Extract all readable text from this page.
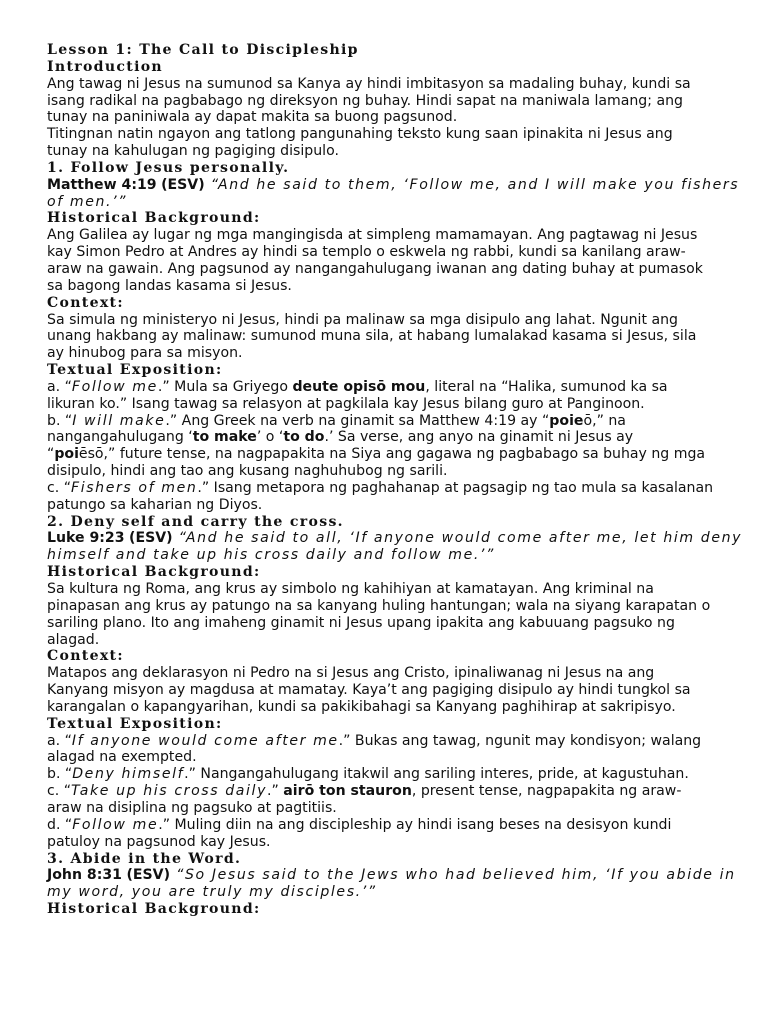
Lesson 1: The Call to Discipleship
Introduction
Ang tawag ni Jesus na sumunod sa Kanya ay hindi imbitasyon sa madaling buhay, kundi sa
isang radikal na pagbabago ng direksyon ng buhay. Hindi sapat na maniwala lamang; ang
tunay na paniniwala ay dapat makita sa buong pagsunod.
Titingnan natin ngayon ang tatlong pangunahing teksto kung saan ipinakita ni Jesus ang
tunay na kahulugan ng pagiging disipulo.
1. Follow Jesus personally.
Matthew 4:19 (ESV) “And he said to them, ‘Follow me, and I will make you fishers
of men.’”
Historical Background:
Ang Galilea ay lugar ng mga mangingisda at simpleng mamamayan. Ang pagtawag ni Jesus
kay Simon Pedro at Andres ay hindi sa templo o eskwela ng rabbi, kundi sa kanilang araw-
araw na gawain. Ang pagsunod ay nangangahulugang iwanan ang dating buhay at pumasok
sa bagong landas kasama si Jesus.
Context:
Sa simula ng ministeryo ni Jesus, hindi pa malinaw sa mga disipulo ang lahat. Ngunit ang
unang hakbang ay malinaw: sumunod muna sila, at habang lumalakad kasama si Jesus, sila
ay hinubog para sa misyon.
Textual Exposition:
a. “Follow me.” Mula sa Griyego deute opisō mou, literal na “Halika, sumunod ka sa
likuran ko.” Isang tawag sa relasyon at pagkilala kay Jesus bilang guro at Panginoon.
b. “I will make.” Ang Greek na verb na ginamit sa Matthew 4:19 ay “poieō,” na
nangangahulugang ‘to make’ o ‘to do.’ Sa verse, ang anyo na ginamit ni Jesus ay
“poiēsō,” future tense, na nagpapakita na Siya ang gagawa ng pagbabago sa buhay ng mga
disipulo, hindi ang tao ang kusang naghuhubog ng sarili.
c. “Fishers of men.” Isang metapora ng paghahanap at pagsagip ng tao mula sa kasalanan
patungo sa kaharian ng Diyos.
2. Deny self and carry the cross.
Luke 9:23 (ESV) “And he said to all, ‘If anyone would come after me, let him deny
himself and take up his cross daily and follow me.’”
Historical Background:
Sa kultura ng Roma, ang krus ay simbolo ng kahihiyan at kamatayan. Ang kriminal na
pinapasan ang krus ay patungo na sa kanyang huling hantungan; wala na siyang karapatan o
sariling plano. Ito ang imaheng ginamit ni Jesus upang ipakita ang kabuuang pagsuko ng
alagad.
Context:
Matapos ang deklarasyon ni Pedro na si Jesus ang Cristo, ipinaliwanag ni Jesus na ang
Kanyang misyon ay magdusa at mamatay. Kaya’t ang pagiging disipulo ay hindi tungkol sa
karangalan o kapangyarihan, kundi sa pakikibahagi sa Kanyang paghihirap at sakripisyo.
Textual Exposition:
a. “If anyone would come after me.” Bukas ang tawag, ngunit may kondisyon; walang
alagad na exempted.
b. “Deny himself.” Nangangahulugang itakwil ang sariling interes, pride, at kagustuhan.
c. “Take up his cross daily.” airō ton stauron, present tense, nagpapakita ng araw-
araw na disiplina ng pagsuko at pagtitiis.
d. “Follow me.” Muling diin na ang discipleship ay hindi isang beses na desisyon kundi
patuloy na pagsunod kay Jesus.
3. Abide in the Word.
John 8:31 (ESV) “So Jesus said to the Jews who had believed him, ‘If you abide in
my word, you are truly my disciples.’”
Historical Background:
